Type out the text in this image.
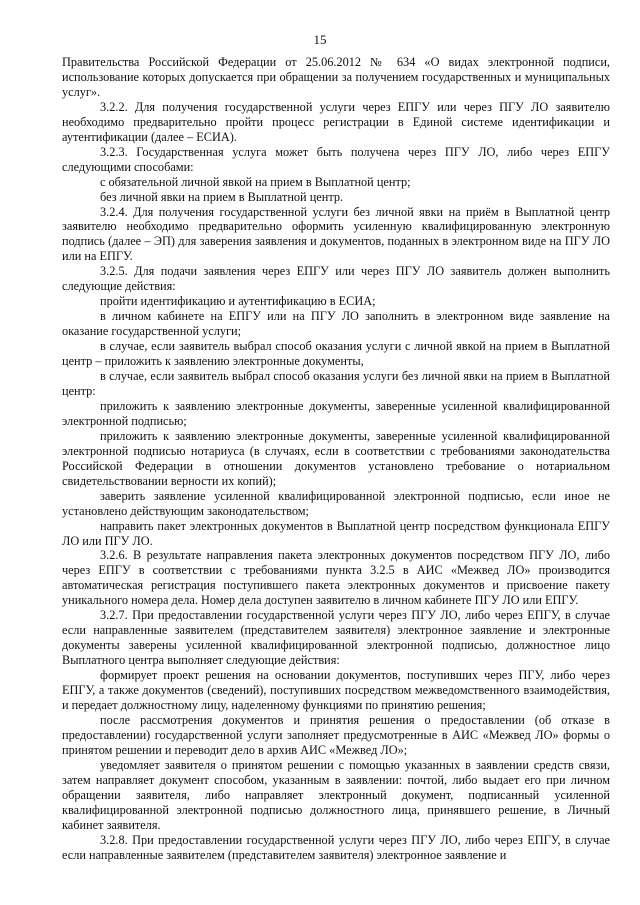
15

Правительства Российской Федерации от 25.06.2012 № 634 «О видах электронной подписи, использование которых допускается при обращении за получением государственных и муниципальных услуг».

3.2.2. Для получения государственной услуги через ЕПГУ или через ПГУ ЛО заявителю необходимо предварительно пройти процесс регистрации в Единой системе идентификации и аутентификации (далее – ЕСИА).

3.2.3. Государственная услуга может быть получена через ПГУ ЛО, либо через ЕПГУ следующими способами:

с обязательной личной явкой на прием в Выплатной центр;

без личной явки на прием в Выплатной центр.

3.2.4. Для получения государственной услуги без личной явки на приём в Выплатной центр заявителю необходимо предварительно оформить усиленную квалифицированную электронную подпись (далее – ЭП) для заверения заявления и документов, поданных в электронном виде на ПГУ ЛО или на ЕПГУ.

3.2.5. Для подачи заявления через ЕПГУ или через ПГУ ЛО заявитель должен выполнить следующие действия:

пройти идентификацию и аутентификацию в ЕСИА;

в личном кабинете на ЕПГУ или на ПГУ ЛО заполнить в электронном виде заявление на оказание государственной услуги;

в случае, если заявитель выбрал способ оказания услуги с личной явкой на прием в Выплатной центр – приложить к заявлению электронные документы,

в случае, если заявитель выбрал способ оказания услуги без личной явки на прием в Выплатной центр:

приложить к заявлению электронные документы, заверенные усиленной квалифицированной электронной подписью;

приложить к заявлению электронные документы, заверенные усиленной квалифицированной электронной подписью нотариуса (в случаях, если в соответствии с требованиями законодательства Российской Федерации в отношении документов установлено требование о нотариальном свидетельствовании верности их копий);

заверить заявление усиленной квалифицированной электронной подписью, если иное не установлено действующим законодательством;

направить пакет электронных документов в Выплатной центр посредством функционала ЕПГУ ЛО или ПГУ ЛО.

3.2.6. В результате направления пакета электронных документов посредством ПГУ ЛО, либо через ЕПГУ в соответствии с требованиями пункта 3.2.5 в АИС «Межвед ЛО» производится автоматическая регистрация поступившего пакета электронных документов и присвоение пакету уникального номера дела. Номер дела доступен заявителю в личном кабинете ПГУ ЛО или ЕПГУ.

3.2.7. При предоставлении государственной услуги через ПГУ ЛО, либо через ЕПГУ, в случае если направленные заявителем (представителем заявителя) электронное заявление и электронные документы заверены усиленной квалифицированной электронной подписью, должностное лицо Выплатного центра выполняет следующие действия:

формирует проект решения на основании документов, поступивших через ПГУ, либо через ЕПГУ, а также документов (сведений), поступивших посредством межведомственного взаимодействия, и передает должностному лицу, наделенному функциями по принятию решения;

после рассмотрения документов и принятия решения о предоставлении (об отказе в предоставлении) государственной услуги заполняет предусмотренные в АИС «Межвед ЛО» формы о принятом решении и переводит дело в архив АИС «Межвед ЛО»;

уведомляет заявителя о принятом решении с помощью указанных в заявлении средств связи, затем направляет документ способом, указанным в заявлении: почтой, либо выдает его при личном обращении заявителя, либо направляет электронный документ, подписанный усиленной квалифицированной электронной подписью должностного лица, принявшего решение, в Личный кабинет заявителя.

3.2.8. При предоставлении государственной услуги через ПГУ ЛО, либо через ЕПГУ, в случае если направленные заявителем (представителем заявителя) электронное заявление и
